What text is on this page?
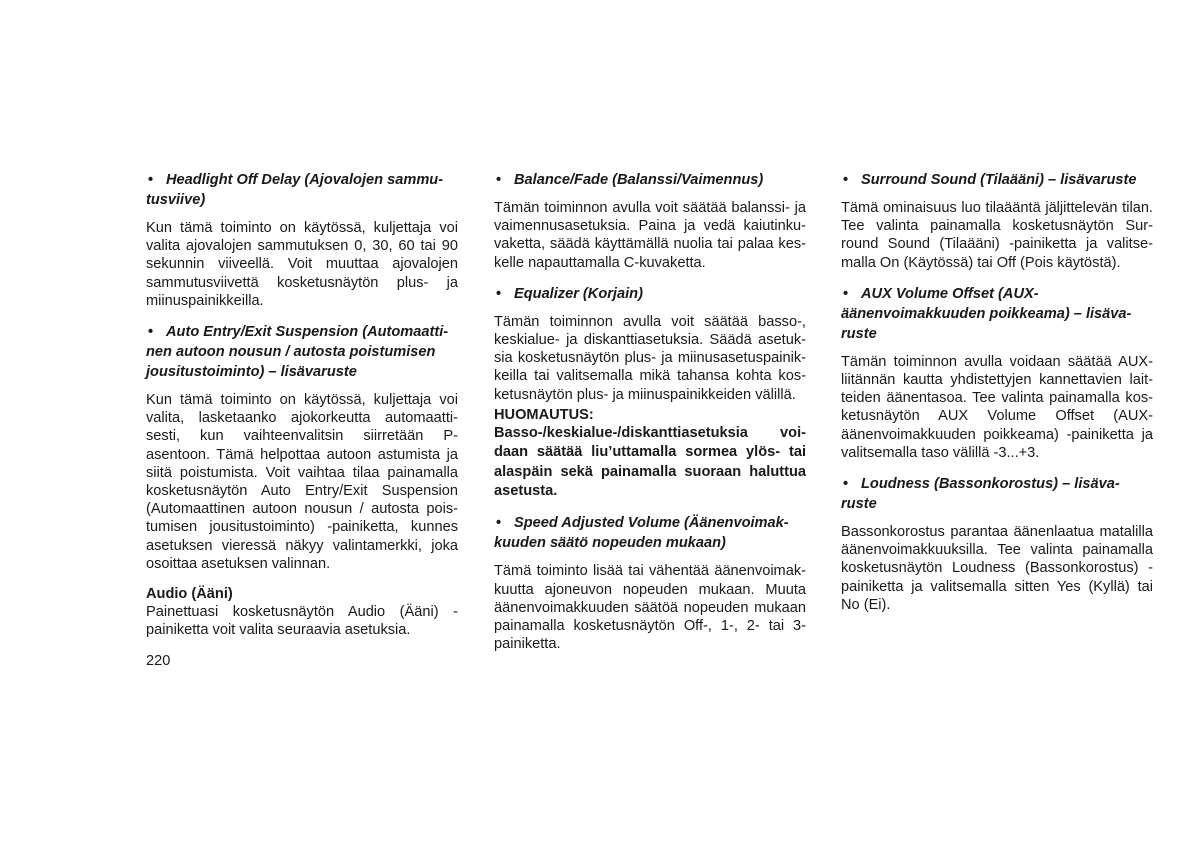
• Headlight Off Delay (Ajovalojen sammu- tusviive)

Kun tämä toiminto on käytössä, kuljettaja voi valita ajovalojen sammutuksen 0, 30, 60 tai 90 sekunnin viiveellä. Voit muuttaa ajovalojen sammutusviivettä kosketusnäytön plus- ja miinuspainikkeilla.

• Auto Entry/Exit Suspension (Automaatti- nen autoon nousun / autosta poistumisen jousitustoiminto) – lisävaruste

Kun tämä toiminto on käytössä, kuljettaja voi valita, lasketaanko ajokorkeutta automaatti- sesti, kun vaihteenvalitsin siirretään P-asentoon. Tämä helpottaa autoon astumista ja siitä poistumista. Voit vaihtaa tilaa painamalla kosketusnäytön Auto Entry/Exit Suspension (Automaattinen autoon nousun / autosta pois- tumisen jousitustoiminto) -painiketta, kunnes asetuksen vieressä näkyy valintamerkki, joka osoittaa asetuksen valinnan.

Audio (Ääni)

Painettuasi kosketusnäytön Audio (Ääni) -painiketta voit valita seuraavia asetuksia.

• Balance/Fade (Balanssi/Vaimennus)

Tämän toiminnon avulla voit säätää balanssi- ja vaimennusasetuksia. Paina ja vedä kaiutinku- vaketta, säädä käyttämällä nuolia tai palaa kes- kelle napauttamalla C-kuvaketta.

• Equalizer (Korjain)

Tämän toiminnon avulla voit säätää basso-, keskialue- ja diskanttiasetuksia. Säädä asetuk- sia kosketusnäytön plus- ja miinusasetuspainik- keilla tai valitsemalla mikä tahansa kohta kos- ketusnäytön plus- ja miinuspainikkeiden välillä.

HUOMAUTUS:

Basso-/keskialue-/diskanttiasetuksia voi- daan säätää liu’uttamalla sormea ylös- tai alaspäin sekä painamalla suoraan haluttua asetusta.

• Speed Adjusted Volume (Äänenvoimak- kuuden säätö nopeuden mukaan)

Tämä toiminto lisää tai vähentää äänenvoimak- kuutta ajoneuvon nopeuden mukaan. Muuta äänenvoimakkuuden säätöä nopeuden mukaan painamalla kosketusnäytön Off-, 1-, 2- tai 3-painiketta.

• Surround Sound (Tilaääni) – lisävaruste

Tämä ominaisuus luo tilaääntä jäljittelevän tilan. Tee valinta painamalla kosketusnäytön Sur- round Sound (Tilaääni) -painiketta ja valitse- malla On (Käytössä) tai Off (Pois käytöstä).

• AUX Volume Offset (AUX- äänenvoimakkuuden poikkeama) – lisäva- ruste

Tämän toiminnon avulla voidaan säätää AUX- liitännän kautta yhdistettyjen kannettavien lait- teiden äänentasoa. Tee valinta painamalla kos- ketusnäytön AUX Volume Offset (AUX- äänenvoimakkuuden poikkeama) -painiketta ja valitsemalla taso välillä -3...+3.

• Loudness (Bassonkorostus) – lisäva- ruste

Bassonkorostus parantaa äänenlaatua matalilla äänenvoimakkuuksilla. Tee valinta painamalla kosketusnäytön Loudness (Bassonkorostus) -painiketta ja valitsemalla sitten Yes (Kyllä) tai No (Ei).

220
